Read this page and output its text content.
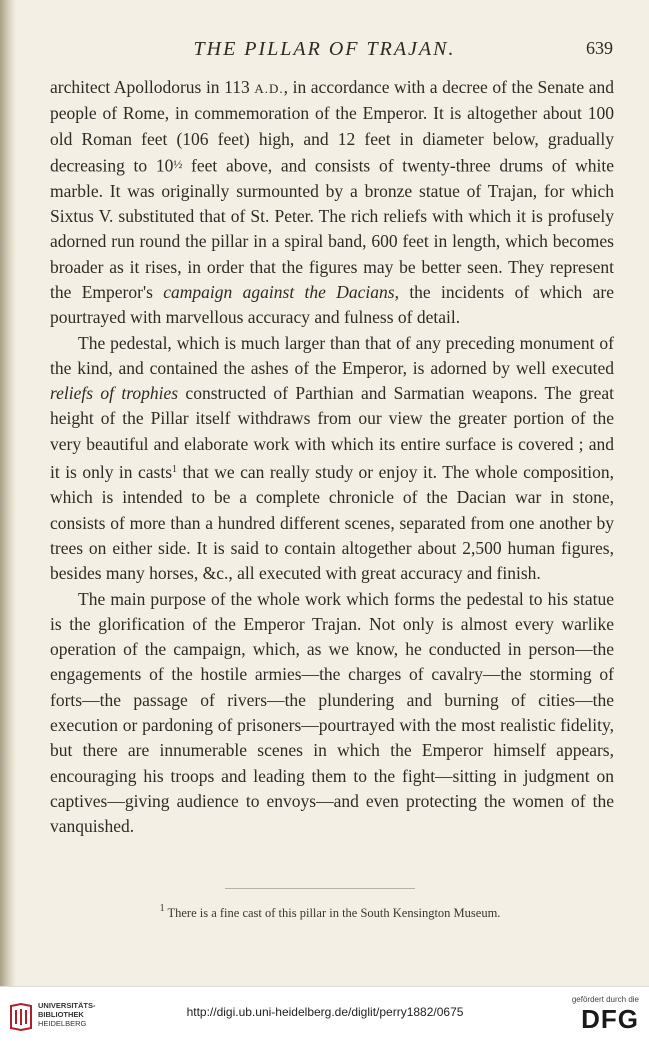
THE PILLAR OF TRAJAN.	639

architect Apollodorus in 113 A.D., in accordance with a decree of the Senate and people of Rome, in commemoration of the Emperor. It is altogether about 100 old Roman feet (106 feet) high, and 12 feet in diameter below, gradually decreasing to $10^{\frac{1}{2}}$ feet above, and consists of twenty-three drums of white marble. It was originally surmounted by a bronze statue of Trajan, for which Sixtus V. substituted that of St. Peter. The rich reliefs with which it is profusely adorned run round the pillar in a spiral band, 600 feet in length, which becomes broader as it rises, in order that the figures may be better seen. They represent the Emperor's campaign against the Dacians, the incidents of which are pourtrayed with marvellous accuracy and fulness of detail.

The pedestal, which is much larger than that of any preceding monument of the kind, and contained the ashes of the Emperor, is adorned by well executed reliefs of trophies constructed of Parthian and Sarmatian weapons. The great height of the Pillar itself withdraws from our view the greater portion of the very beautiful and elaborate work with which its entire surface is covered ; and it is only in casts$^1$ that we can really study or enjoy it. The whole composition, which is intended to be a complete chronicle of the Dacian war in stone, consists of more than a hundred different scenes, separated from one another by trees on either side. It is said to contain altogether about 2,500 human figures, besides many horses, &c., all executed with great accuracy and finish.

The main purpose of the whole work which forms the pedestal to his statue is the glorification of the Emperor Trajan. Not only is almost every warlike operation of the campaign, which, as we know, he conducted in person—the engagements of the hostile armies—the charges of cavalry—the storming of forts—the passage of rivers—the plundering and burning of cities—the execution or pardoning of prisoners—pourtrayed with the most realistic fidelity, but there are innumerable scenes in which the Emperor himself appears, encouraging his troops and leading them to the fight—sitting in judgment on captives—giving audience to envoys—and even protecting the women of the vanquished.

$^1$ There is a fine cast of this pillar in the South Kensington Museum.
UNIVERSITÄTS-
BIBLIOTHEK
HEIDELBERG
http://digi.ub.uni-heidelberg.de/diglit/perry1882/0675
gefördert durch die
DFG
